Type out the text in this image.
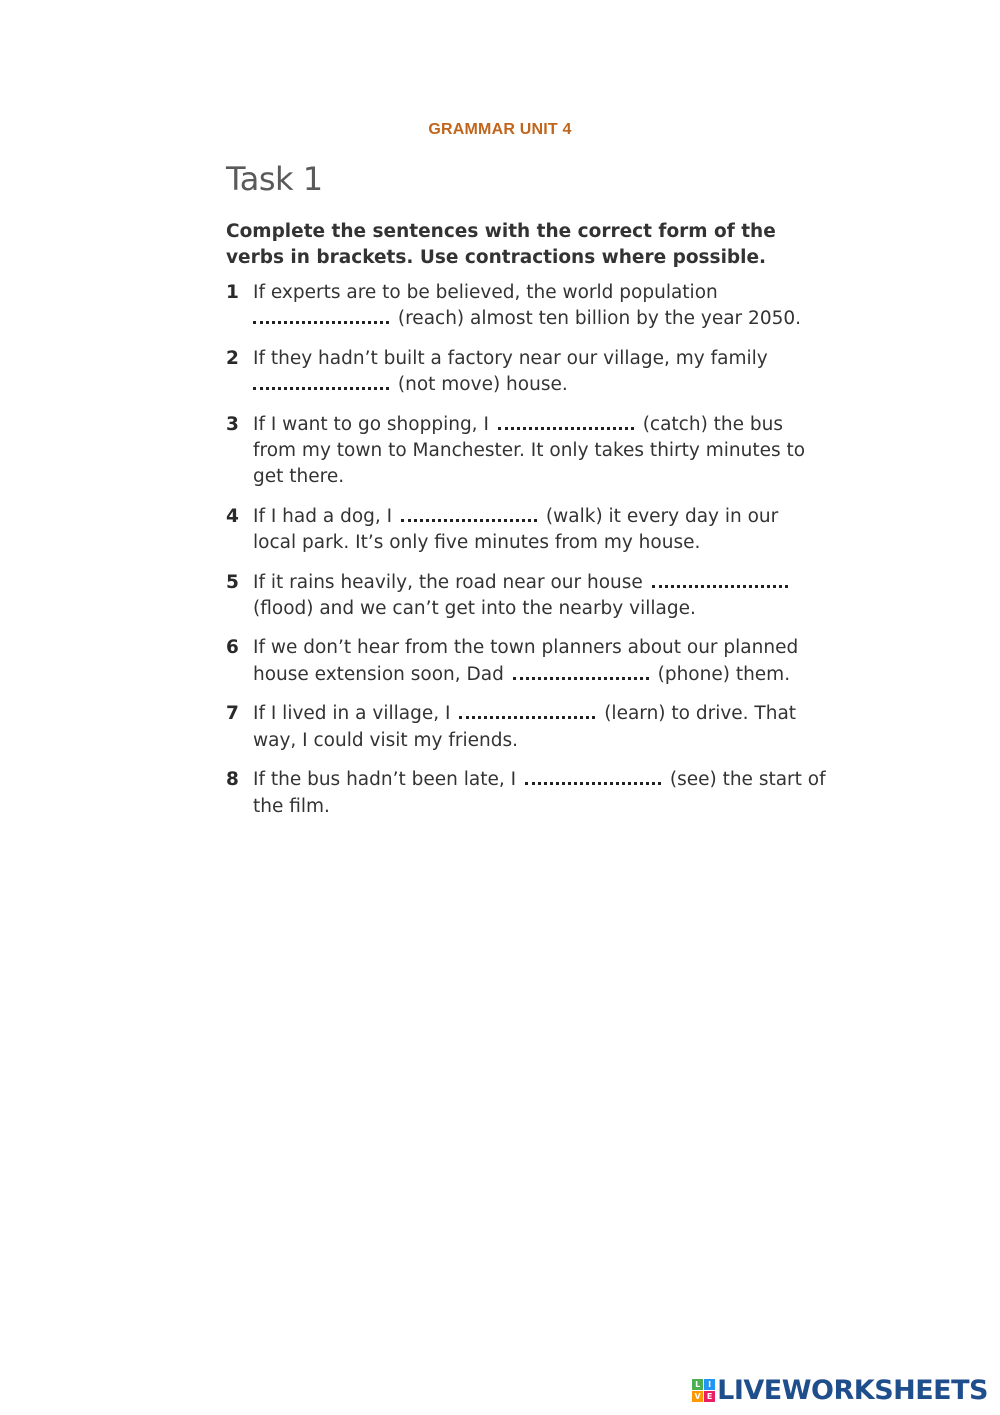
GRAMMAR UNIT 4
Task 1
Complete the sentences with the correct form of the verbs in brackets. Use contractions where possible.
1 If experts are to be believed, the world population
(reach) almost ten billion by the year 2050.
2 If they hadn’t built a factory near our village, my family
(not move) house.
3 If I want to go shopping, I	(catch) the bus from my town to Manchester. It only takes thirty minutes to get there.
4 If I had a dog, I	(walk) it every day in our local park. It’s only five minutes from my house.
5 If it rains heavily, the road near our house
(flood) and we can’t get into the nearby village.
6 If we don’t hear from the town planners about our planned house extension soon, Dad	(phone) them.
7 If I lived in a village, I	(learn) to drive. That way, I could visit my friends.
8 If the bus hadn’t been late, I	(see) the start of the film.
L I
V E LIVEWORKSHEETS
